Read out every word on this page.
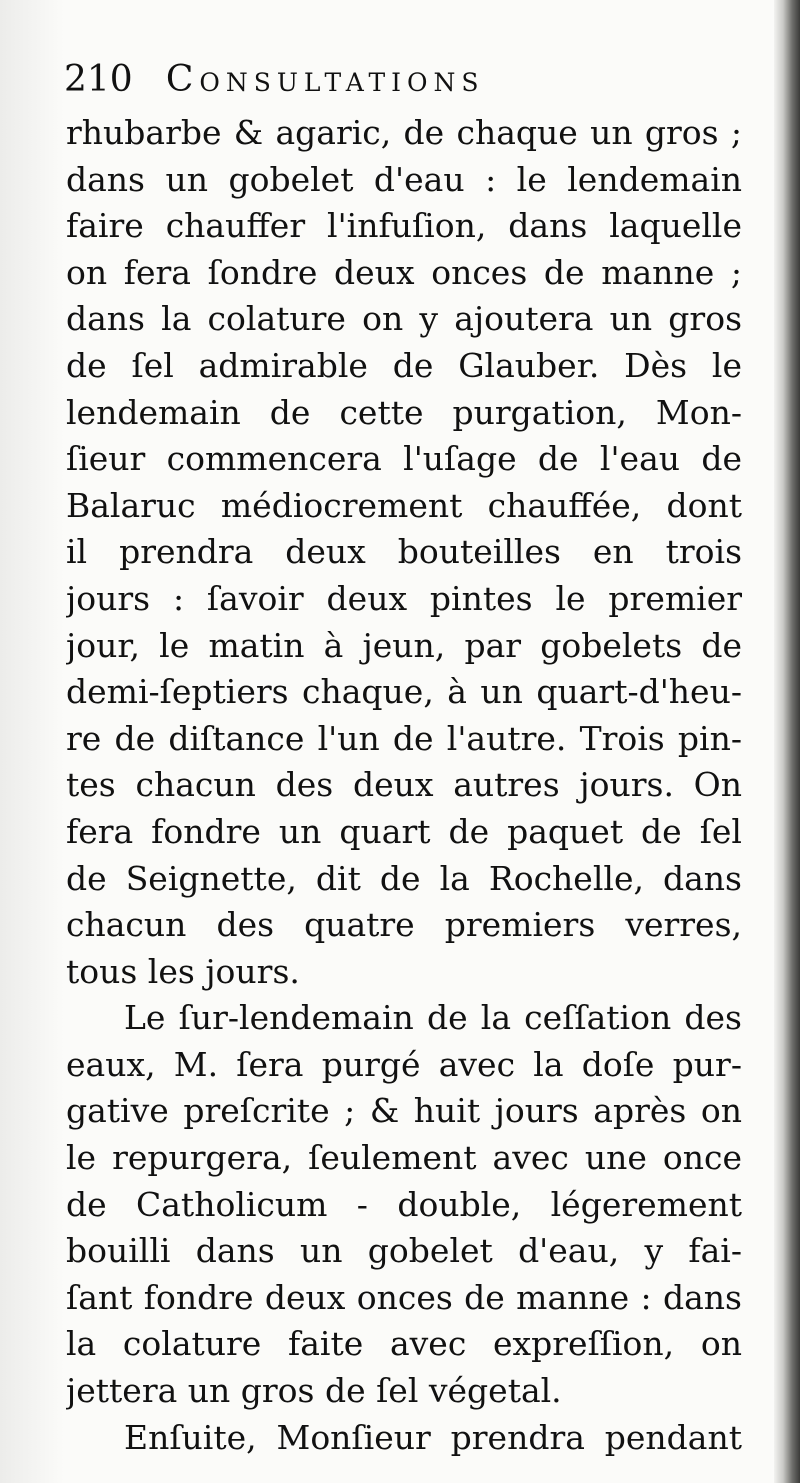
210 Consultations
rhubarbe & agaric, de chaque un gros ;
dans un gobelet d'eau : le lendemain
faire chauffer l'infuſion, dans laquelle
on fera ſondre deux onces de manne ;
dans la colature on y ajoutera un gros
de ſel admirable de Glauber. Dès le
lendemain de cette purgation, Mon-
ſieur commencera l'uſage de l'eau de
Balaruc médiocrement chauffée, dont
il prendra deux bouteilles en trois
jours : ſavoir deux pintes le premier
jour, le matin à jeun, par gobelets de
demi-ſeptiers chaque, à un quart-d'heu-
re de diſtance l'un de l'autre. Trois pin-
tes chacun des deux autres jours. On
fera fondre un quart de paquet de ſel
de Seignette, dit de la Rochelle, dans
chacun des quatre premiers verres,
tous les jours.
Le ſur-lendemain de la ceſſation des
eaux, M. ſera purgé avec la doſe pur-
gative preſcrite ; & huit jours après on
le repurgera, ſeulement avec une once
de Catholicum - double, légerement
bouilli dans un gobelet d'eau, y fai-
ſant fondre deux onces de manne : dans
la colature faite avec expreſſion, on
jettera un gros de ſel végetal.
Enſuite, Monſieur prendra pendant
